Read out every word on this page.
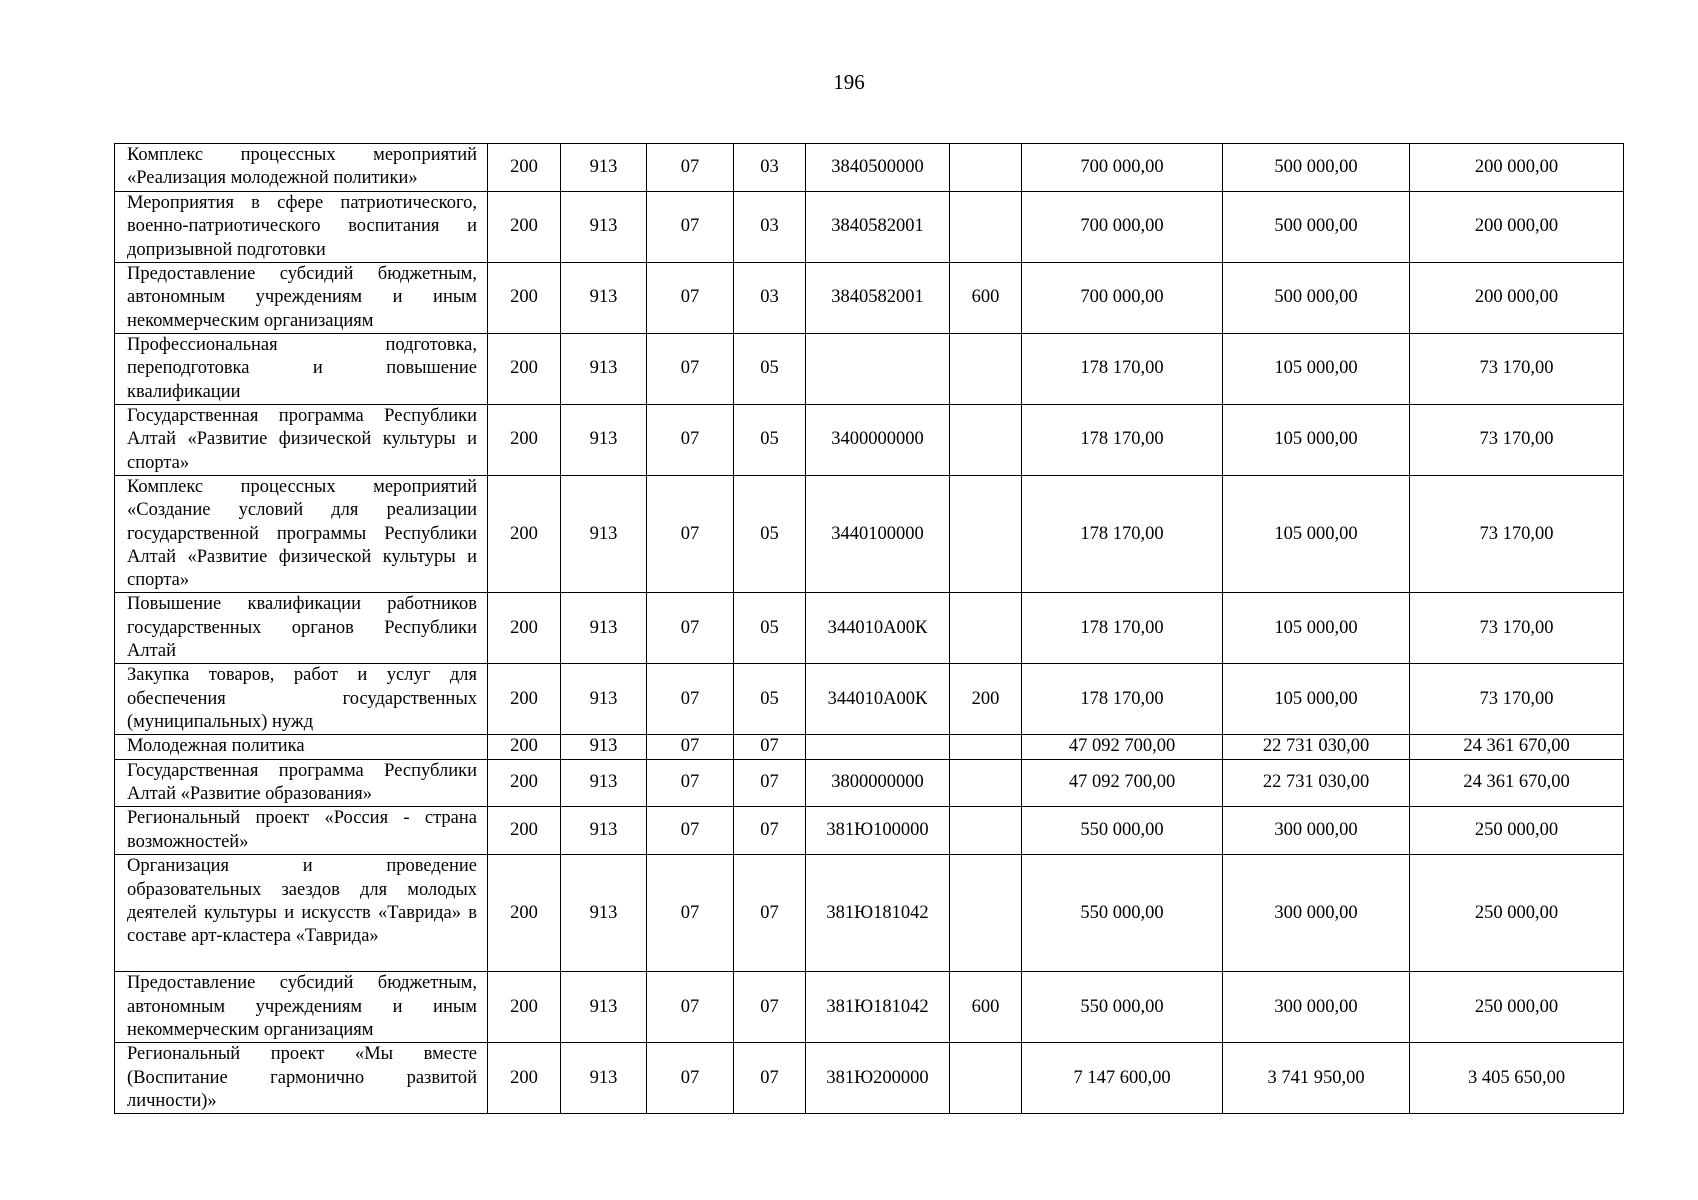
196
Комплекс процессных мероприятий «Реализация молодежной политики»	200	913	07	03	3840500000		700 000,00	500 000,00	200 000,00
Мероприятия в сфере патриотического, военно-патриотического воспитания и допризывной подготовки	200	913	07	03	3840582001		700 000,00	500 000,00	200 000,00
Предоставление субсидий бюджетным, автономным учреждениям и иным некоммерческим организациям	200	913	07	03	3840582001	600	700 000,00	500 000,00	200 000,00
Профессиональная подготовка, переподготовка и повышение квалификации	200	913	07	05			178 170,00	105 000,00	73 170,00
Государственная программа Республики Алтай «Развитие физической культуры и спорта»	200	913	07	05	3400000000		178 170,00	105 000,00	73 170,00
Комплекс процессных мероприятий «Создание условий для реализации государственной программы Республики Алтай «Развитие физической культуры и спорта»	200	913	07	05	3440100000		178 170,00	105 000,00	73 170,00
Повышение квалификации работников государственных органов Республики Алтай	200	913	07	05	344010А00К		178 170,00	105 000,00	73 170,00
Закупка товаров, работ и услуг для обеспечения государственных (муниципальных) нужд	200	913	07	05	344010А00К	200	178 170,00	105 000,00	73 170,00
Молодежная политика	200	913	07	07			47 092 700,00	22 731 030,00	24 361 670,00
Государственная программа Республики Алтай «Развитие образования»	200	913	07	07	3800000000		47 092 700,00	22 731 030,00	24 361 670,00
Региональный проект «Россия - страна возможностей»	200	913	07	07	381Ю100000		550 000,00	300 000,00	250 000,00
Организация и проведение образовательных заездов для молодых деятелей культуры и искусств «Таврида» в составе арт-кластера «Таврида»	200	913	07	07	381Ю181042		550 000,00	300 000,00	250 000,00
Предоставление субсидий бюджетным, автономным учреждениям и иным некоммерческим организациям	200	913	07	07	381Ю181042	600	550 000,00	300 000,00	250 000,00
Региональный проект «Мы вместе (Воспитание гармонично развитой личности)»	200	913	07	07	381Ю200000		7 147 600,00	3 741 950,00	3 405 650,00
